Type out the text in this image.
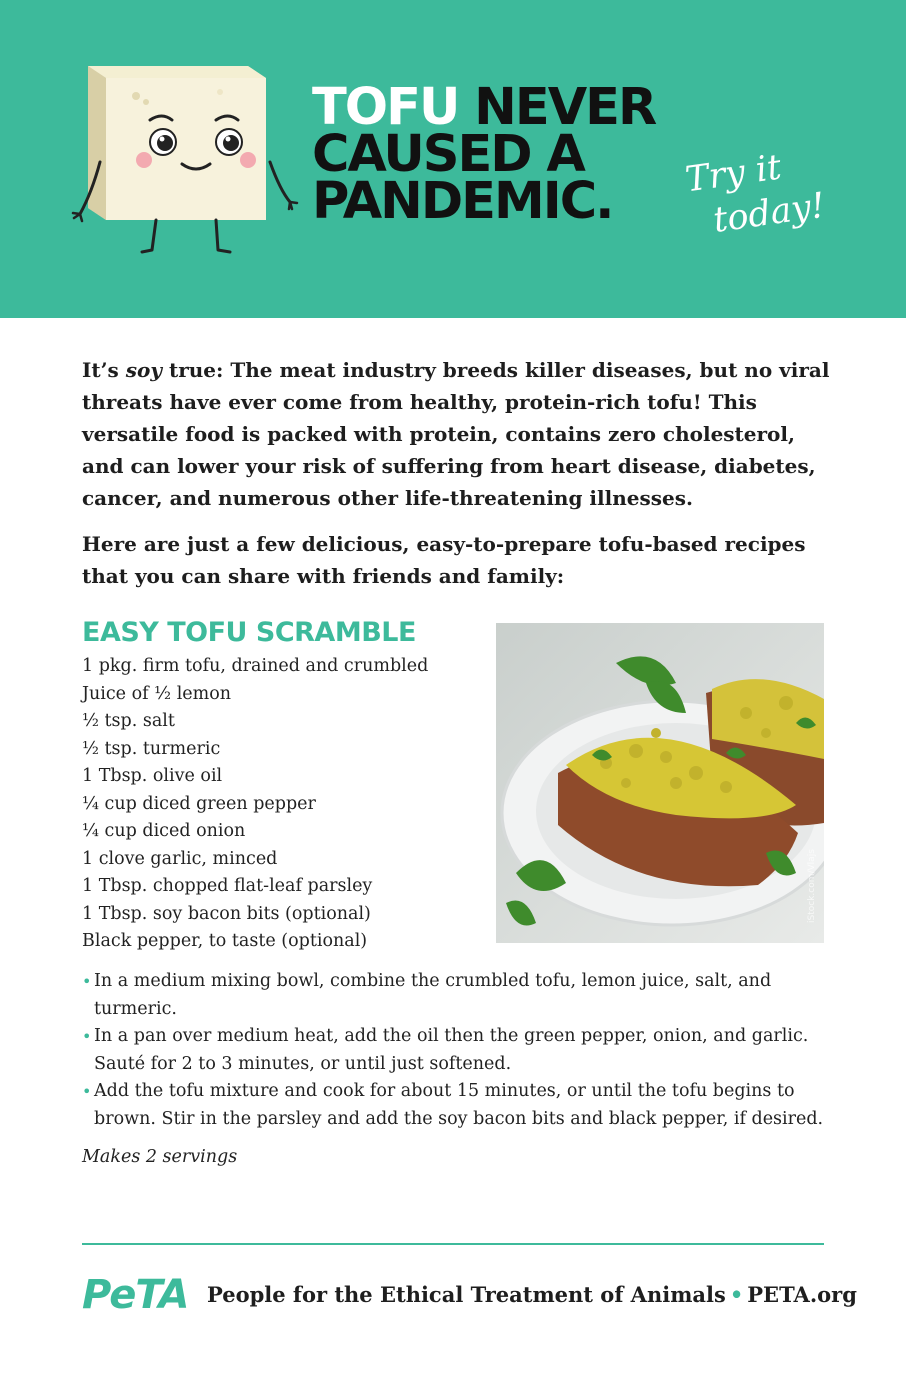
TOFU NEVER
CAUSED A
PANDEMIC.	Try it
today!

It’s soy true: The meat industry breeds killer diseases, but no viral threats have ever come from healthy, protein-rich tofu! This versatile food is packed with protein, contains zero cholesterol, and can lower your risk of suffering from heart disease, diabetes, cancer, and numerous other life-threatening illnesses.

Here are just a few delicious, easy-to-prepare tofu-based recipes that you can share with friends and family:

EASY TOFU SCRAMBLE
1 pkg. firm tofu, drained and crumbled
Juice of ½ lemon
½ tsp. salt
½ tsp. turmeric
1 Tbsp. olive oil
¼ cup diced green pepper
¼ cup diced onion
1 clove garlic, minced
1 Tbsp. chopped flat-leaf parsley
1 Tbsp. soy bacon bits (optional)
Black pepper, to taste (optional)
iStock.com/Vlajs
• In a medium mixing bowl, combine the crumbled tofu, lemon juice, salt, and turmeric.
• In a pan over medium heat, add the oil then the green pepper, onion, and garlic. Sauté for 2 to 3 minutes, or until just softened.
• Add the tofu mixture and cook for about 15 minutes, or until the tofu begins to brown. Stir in the parsley and add the soy bacon bits and black pepper, if desired.
Makes 2 servings
PeTA People for the Ethical Treatment of Animals • PETA.org
